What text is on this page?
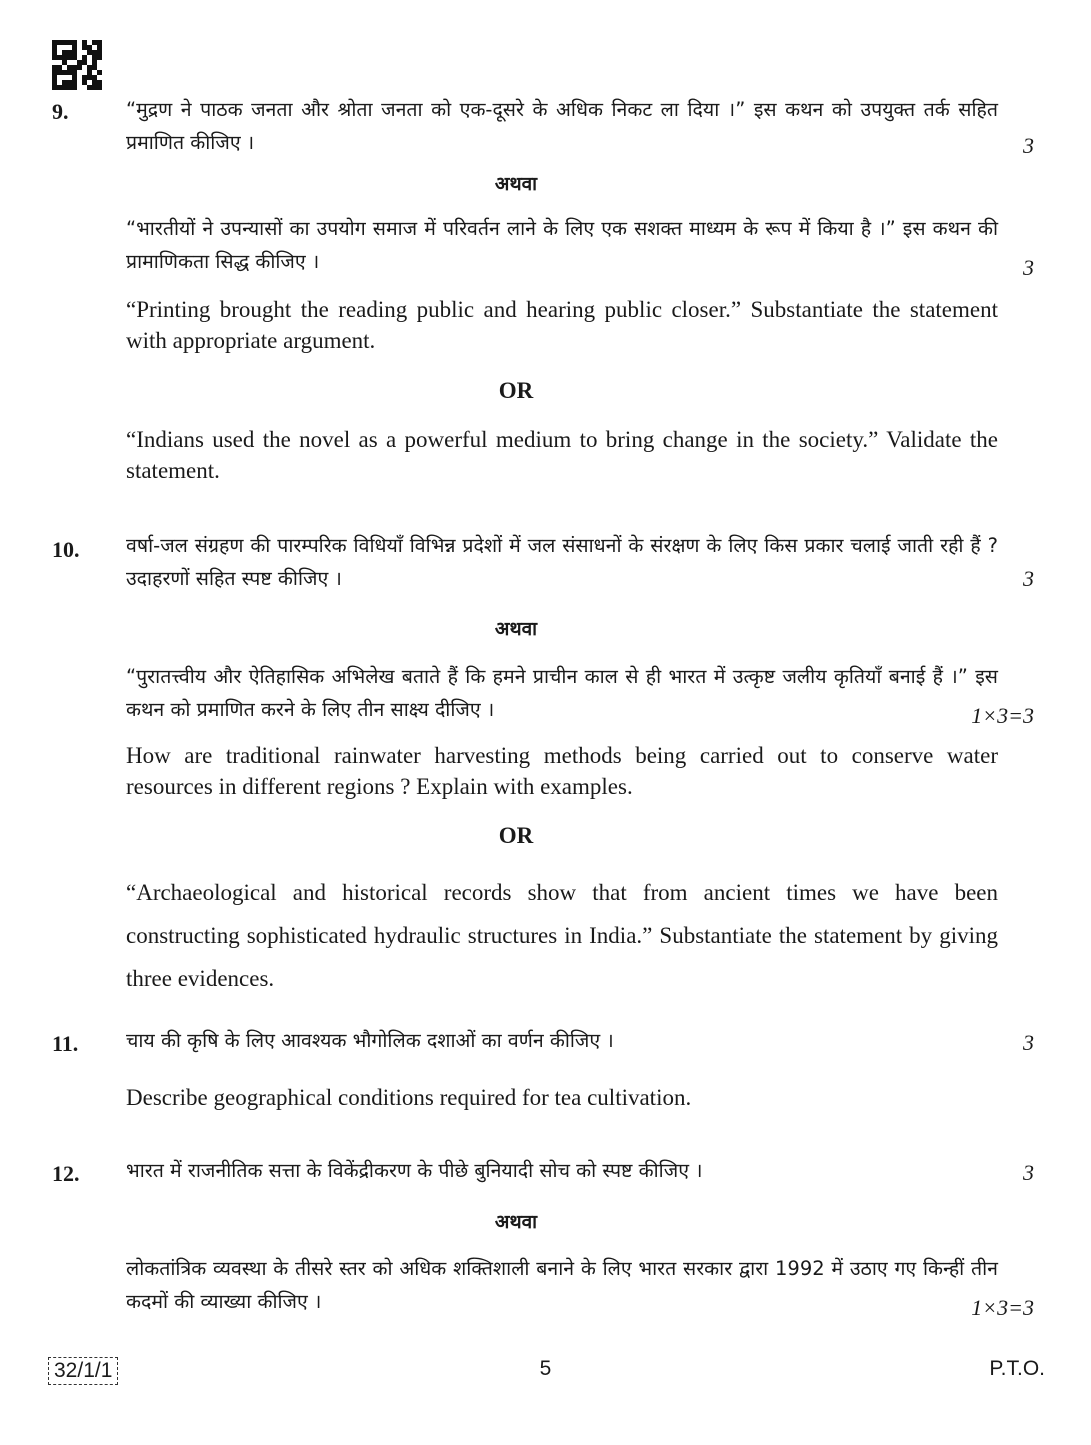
9.	“मुद्रण ने पाठक जनता और श्रोता जनता को एक-दूसरे के अधिक निकट ला दिया ।” इस कथन को उपयुक्त तर्क सहित प्रमाणित कीजिए ।	3
अथवा
“भारतीयों ने उपन्यासों का उपयोग समाज में परिवर्तन लाने के लिए एक सशक्त माध्यम के रूप में किया है ।” इस कथन की प्रामाणिकता सिद्ध कीजिए ।	3
“Printing brought the reading public and hearing public closer.” Substantiate the statement with appropriate argument.
OR
“Indians used the novel as a powerful medium to bring change in the society.” Validate the statement.
10. वर्षा-जल संग्रहण की पारम्परिक विधियाँ विभिन्न प्रदेशों में जल संसाधनों के संरक्षण के लिए किस प्रकार चलाई जाती रही हैं ? उदाहरणों सहित स्पष्ट कीजिए ।	3
अथवा
“पुरातत्त्वीय और ऐतिहासिक अभिलेख बताते हैं कि हमने प्राचीन काल से ही भारत में उत्कृष्ट जलीय कृतियाँ बनाई हैं ।” इस कथन को प्रमाणित करने के लिए तीन साक्ष्य दीजिए ।	1×3=3
How are traditional rainwater harvesting methods being carried out to conserve water resources in different regions ? Explain with examples.
OR
“Archaeological and historical records show that from ancient times we have been constructing sophisticated hydraulic structures in India.” Substantiate the statement by giving three evidences.
11. चाय की कृषि के लिए आवश्यक भौगोलिक दशाओं का वर्णन कीजिए ।	3
Describe geographical conditions required for tea cultivation.
12. भारत में राजनीतिक सत्ता के विकेंद्रीकरण के पीछे बुनियादी सोच को स्पष्ट कीजिए ।	3
अथवा
लोकतांत्रिक व्यवस्था के तीसरे स्तर को अधिक शक्तिशाली बनाने के लिए भारत सरकार द्वारा 1992 में उठाए गए किन्हीं तीन कदमों की व्याख्या कीजिए ।	1×3=3
32/1/1	5	P.T.O.
